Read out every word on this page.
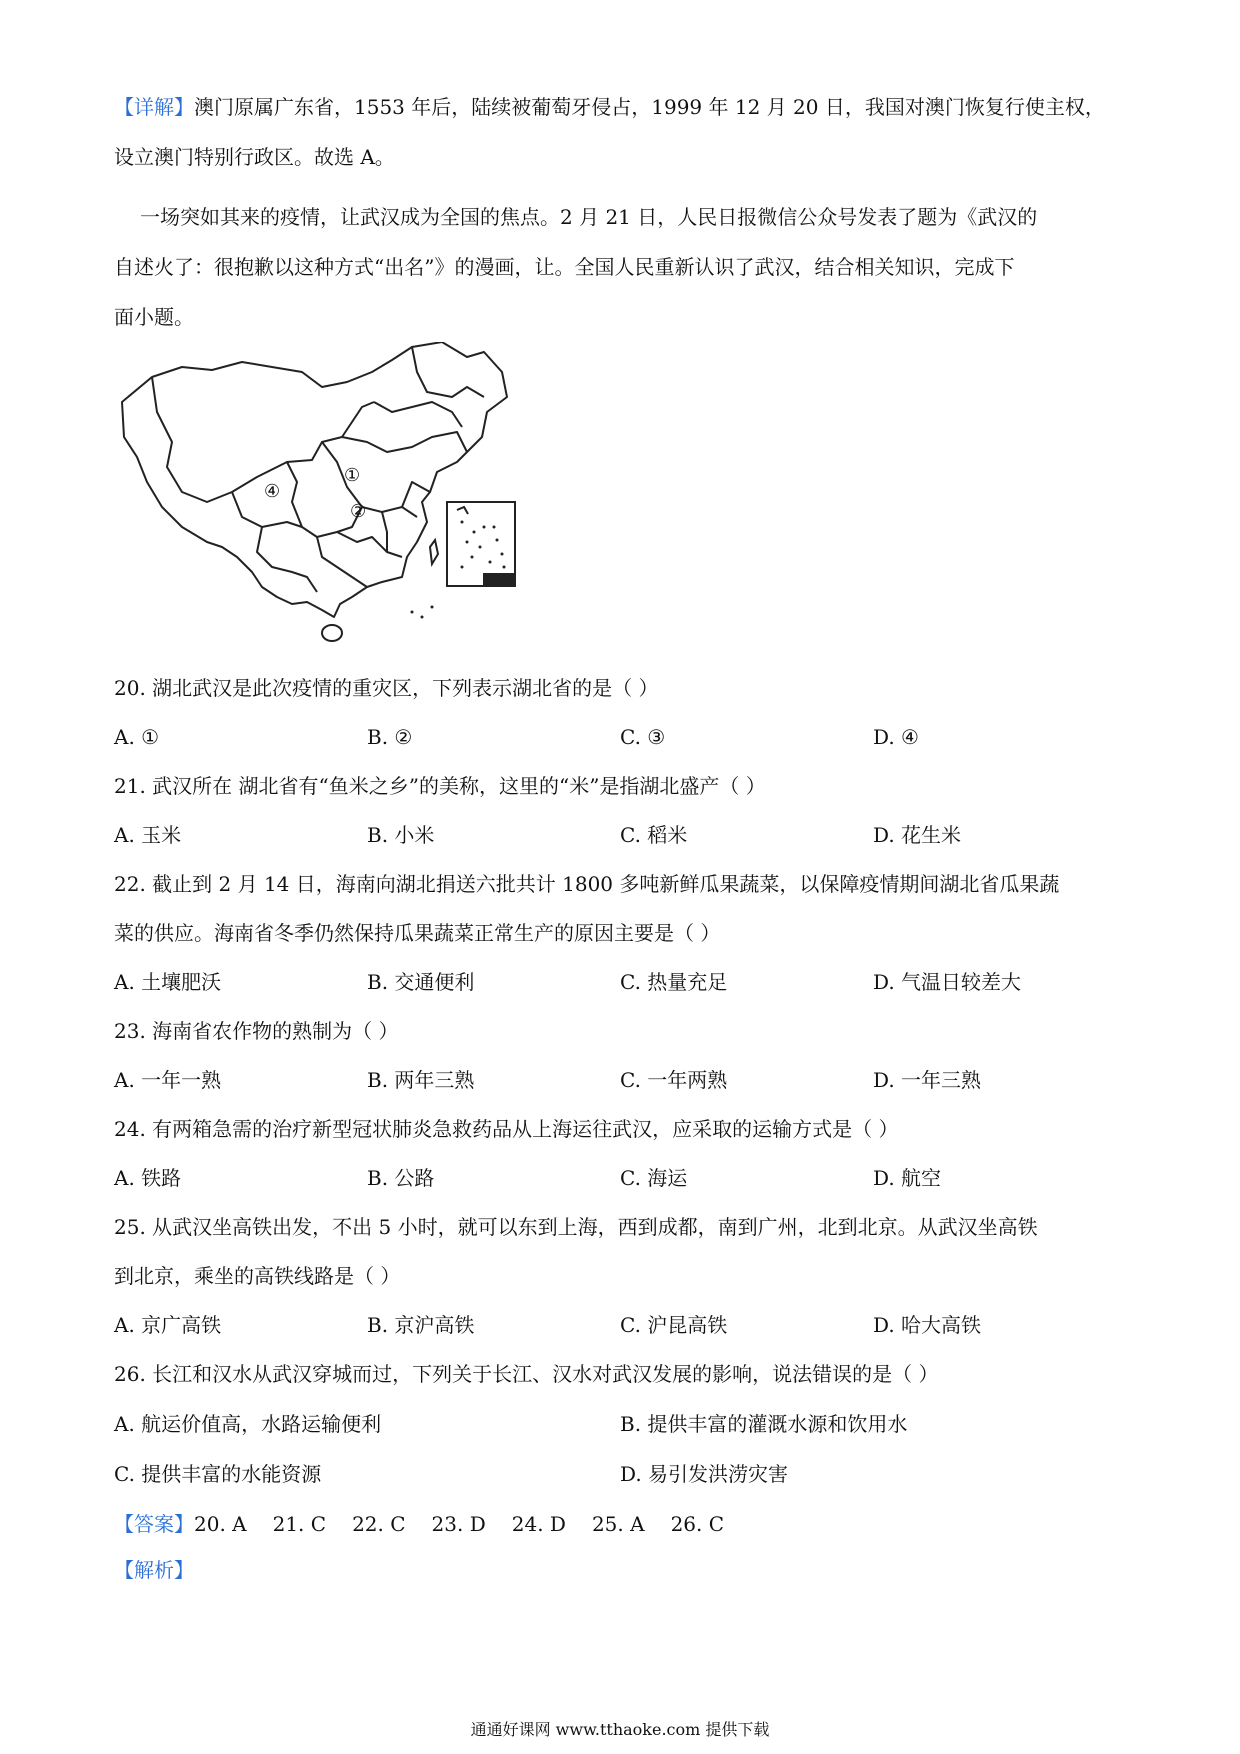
【详解】澳门原属广东省，1553 年后，陆续被葡萄牙侵占，1999 年 12 月 20 日，我国对澳门恢复行使主权，
设立澳门特别行政区。故选 A。
一场突如其来的疫情，让武汉成为全国的焦点。2 月 21 日，人民日报微信公众号发表了题为《武汉的
自述火了：很抱歉以这种方式“出名”》的漫画，让。全国人民重新认识了武汉，结合相关知识，完成下
面小题。
①
②
④
20. 湖北武汉是此次疫情的重灾区，下列表示湖北省的是（ ）
A. ①	B. ②	C. ③	D. ④
21. 武汉所在 湖北省有“鱼米之乡”的美称，这里的“米”是指湖北盛产（ ）
A. 玉米	B. 小米	C. 稻米	D. 花生米
22. 截止到 2 月 14 日，海南向湖北捐送六批共计 1800 多吨新鲜瓜果蔬菜，以保障疫情期间湖北省瓜果蔬
菜的供应。海南省冬季仍然保持瓜果蔬菜正常生产的原因主要是（ ）
A. 土壤肥沃	B. 交通便利	C. 热量充足	D. 气温日较差大
23. 海南省农作物的熟制为（ ）
A. 一年一熟	B. 两年三熟	C. 一年两熟	D. 一年三熟
24. 有两箱急需的治疗新型冠状肺炎急救药品从上海运往武汉，应采取的运输方式是（ ）
A. 铁路	B. 公路	C. 海运	D. 航空
25. 从武汉坐高铁出发，不出 5 小时，就可以东到上海，西到成都，南到广州，北到北京。从武汉坐高铁
到北京，乘坐的高铁线路是（ ）
A. 京广高铁	B. 京沪高铁	C. 沪昆高铁	D. 哈大高铁
26. 长江和汉水从武汉穿城而过，下列关于长江、汉水对武汉发展的影响，说法错误的是（ ）
A. 航运价值高，水路运输便利	B. 提供丰富的灌溉水源和饮用水
C. 提供丰富的水能资源	D. 易引发洪涝灾害
【答案】20. A 21. C 22. C 23. D 24. D 25. A 26. C
【解析】
通通好课网 www.tthaoke.com 提供下载
